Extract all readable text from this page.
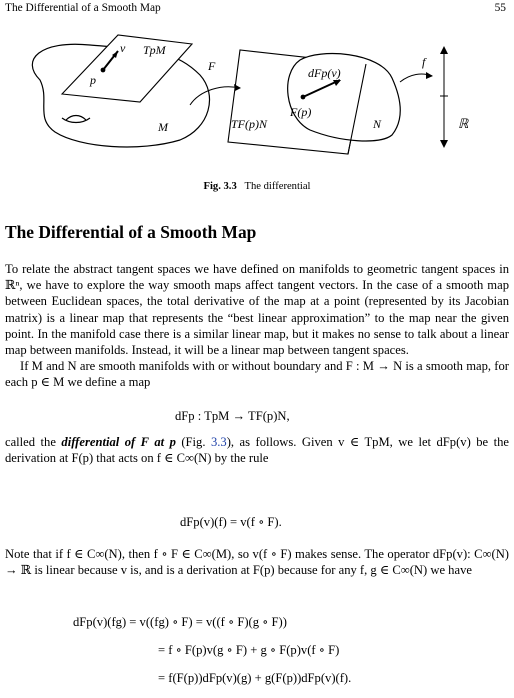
The Differential of a Smooth Map	55
v TpM
p
M
F	dFp(v)
F(p)
TF(p)N	N
f
ℝ
Fig. 3.3 The differential
The Differential of a Smooth Map

To relate the abstract tangent spaces we have defined on manifolds to geometric tangent spaces in ℝⁿ, we have to explore the way smooth maps affect tangent vectors. In the case of a smooth map between Euclidean spaces, the total derivative of the map at a point (represented by its Jacobian matrix) is a linear map that represents the “best linear approximation” to the map near the given point. In the manifold case there is a similar linear map, but it makes no sense to talk about a linear map between manifolds. Instead, it will be a linear map between tangent spaces.

If M and N are smooth manifolds with or without boundary and F : M → N is a smooth map, for each p ∈ M we define a map

dFp : TpM → TF(p)N,

called the differential of F at p (Fig. 3.3), as follows. Given v ∈ TpM, we let dFp(v) be the derivation at F(p) that acts on f ∈ C∞(N) by the rule

dFp(v)(f) = v(f ∘ F).

Note that if f ∈ C∞(N), then f ∘ F ∈ C∞(M), so v(f ∘ F) makes sense. The operator dFp(v): C∞(N) → ℝ is linear because v is, and is a derivation at F(p) because for any f, g ∈ C∞(N) we have

dFp(v)(fg) = v((fg) ∘ F) = v((f ∘ F)(g ∘ F))
= f ∘ F(p)v(g ∘ F) + g ∘ F(p)v(f ∘ F)
= f(F(p))dFp(v)(g) + g(F(p))dFp(v)(f).
